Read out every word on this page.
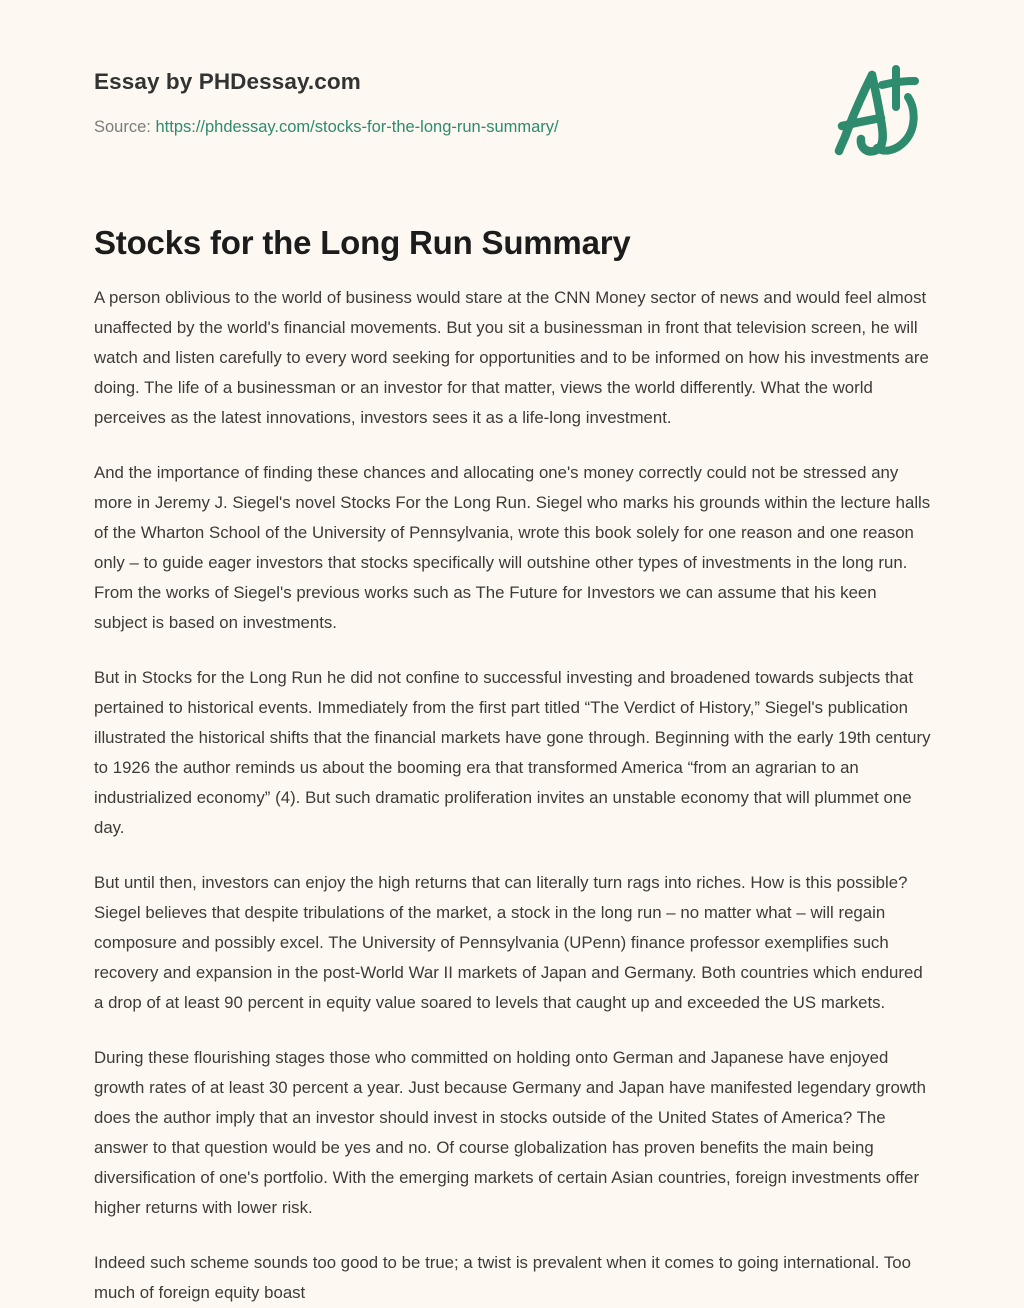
Essay by PHDessay.com
Source: https://phdessay.com/stocks-for-the-long-run-summary/
Stocks for the Long Run Summary

A person oblivious to the world of business would stare at the CNN Money sector of news and would feel almost unaffected by the world's financial movements. But you sit a businessman in front that television screen, he will watch and listen carefully to every word seeking for opportunities and to be informed on how his investments are doing. The life of a businessman or an investor for that matter, views the world differently. What the world perceives as the latest innovations, investors sees it as a life-long investment.

And the importance of finding these chances and allocating one's money correctly could not be stressed any more in Jeremy J. Siegel's novel Stocks For the Long Run. Siegel who marks his grounds within the lecture halls of the Wharton School of the University of Pennsylvania, wrote this book solely for one reason and one reason only – to guide eager investors that stocks specifically will outshine other types of investments in the long run. From the works of Siegel's previous works such as The Future for Investors we can assume that his keen subject is based on investments.

But in Stocks for the Long Run he did not confine to successful investing and broadened towards subjects that pertained to historical events. Immediately from the first part titled “The Verdict of History,” Siegel's publication illustrated the historical shifts that the financial markets have gone through. Beginning with the early 19th century to 1926 the author reminds us about the booming era that transformed America “from an agrarian to an industrialized economy” (4). But such dramatic proliferation invites an unstable economy that will plummet one day.

But until then, investors can enjoy the high returns that can literally turn rags into riches. How is this possible? Siegel believes that despite tribulations of the market, a stock in the long run – no matter what – will regain composure and possibly excel. The University of Pennsylvania (UPenn) finance professor exemplifies such recovery and expansion in the post-World War II markets of Japan and Germany. Both countries which endured a drop of at least 90 percent in equity value soared to levels that caught up and exceeded the US markets.

During these flourishing stages those who committed on holding onto German and Japanese have enjoyed growth rates of at least 30 percent a year. Just because Germany and Japan have manifested legendary growth does the author imply that an investor should invest in stocks outside of the United States of America? The answer to that question would be yes and no. Of course globalization has proven benefits the main being diversification of one's portfolio. With the emerging markets of certain Asian countries, foreign investments offer higher returns with lower risk.

Indeed such scheme sounds too good to be true; a twist is prevalent when it comes to going international. Too much of foreign equity boast
